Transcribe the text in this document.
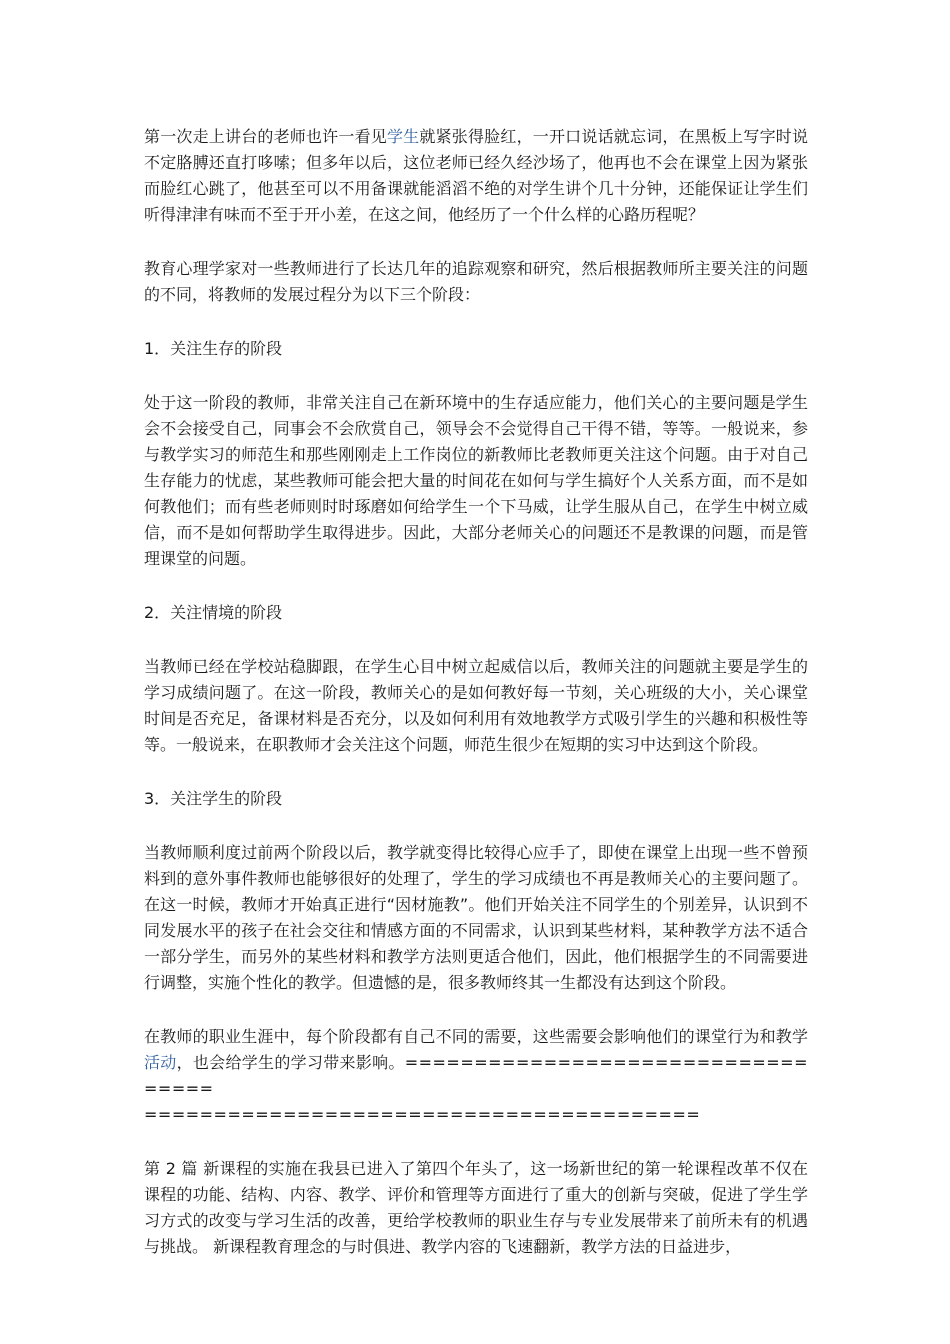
第一次走上讲台的老师也许一看见学生就紧张得脸红，一开口说话就忘词，在黑板上写字时说不定胳膊还直打哆嗦；但多年以后，这位老师已经久经沙场了，他再也不会在课堂上因为紧张而脸红心跳了，他甚至可以不用备课就能滔滔不绝的对学生讲个几十分钟，还能保证让学生们听得津津有味而不至于开小差，在这之间，他经历了一个什么样的心路历程呢？

教育心理学家对一些教师进行了长达几年的追踪观察和研究，然后根据教师所主要关注的问题的不同，将教师的发展过程分为以下三个阶段：

1．关注生存的阶段

处于这一阶段的教师，非常关注自己在新环境中的生存适应能力，他们关心的主要问题是学生会不会接受自己，同事会不会欣赏自己，领导会不会觉得自己干得不错，等等。一般说来，参与教学实习的师范生和那些刚刚走上工作岗位的新教师比老教师更关注这个问题。由于对自己生存能力的忧虑，某些教师可能会把大量的时间花在如何与学生搞好个人关系方面，而不是如何教他们；而有些老师则时时琢磨如何给学生一个下马威，让学生服从自己，在学生中树立威信，而不是如何帮助学生取得进步。因此，大部分老师关心的问题还不是教课的问题，而是管理课堂的问题。

2．关注情境的阶段

当教师已经在学校站稳脚跟，在学生心目中树立起威信以后，教师关注的问题就主要是学生的学习成绩问题了。在这一阶段，教师关心的是如何教好每一节刻，关心班级的大小，关心课堂时间是否充足，备课材料是否充分，以及如何利用有效地教学方式吸引学生的兴趣和积极性等等。一般说来，在职教师才会关注这个问题，师范生很少在短期的实习中达到这个阶段。

3．关注学生的阶段

当教师顺利度过前两个阶段以后，教学就变得比较得心应手了，即使在课堂上出现一些不曾预料到的意外事件教师也能够很好的处理了，学生的学习成绩也不再是教师关心的主要问题了。在这一时候，教师才开始真正进行“因材施教”。他们开始关注不同学生的个别差异，认识到不同发展水平的孩子在社会交往和情感方面的不同需求，认识到某些材料，某种教学方法不适合一部分学生，而另外的某些材料和教学方法则更适合他们，因此，他们根据学生的不同需要进行调整，实施个性化的教学。但遗憾的是，很多教师终其一生都没有达到这个阶段。

在教师的职业生涯中，每个阶段都有自己不同的需要，这些需要会影响他们的课堂行为和教学活动，也会给学生的学习带来影响。==================================
========================================

第 2 篇 新课程的实施在我县已进入了第四个年头了，这一场新世纪的第一轮课程改革不仅在课程的功能、结构、内容、教学、评价和管理等方面进行了重大的创新与突破，促进了学生学习方式的改变与学习生活的改善，更给学校教师的职业生存与专业发展带来了前所未有的机遇与挑战。 新课程教育理念的与时俱进、教学内容的飞速翻新，教学方法的日益进步，
